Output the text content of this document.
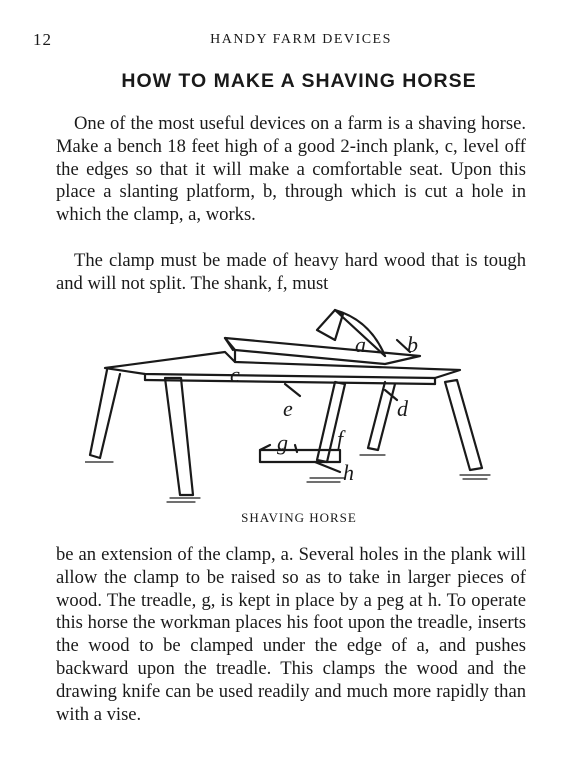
12	HANDY FARM DEVICES
HOW TO MAKE A SHAVING HORSE

One of the most useful devices on a farm is a shaving horse. Make a bench 18 feet high of a good 2-inch plank, c, level off the edges so that it will make a comfortable seat. Upon this place a slanting platform, b, through which is cut a hole in which the clamp, a, works.

The clamp must be made of heavy hard wood that is tough and will not split. The shank, f, must

a b
c
e	d
g f
h
SHAVING HORSE

be an extension of the clamp, a. Several holes in the plank will allow the clamp to be raised so as to take in larger pieces of wood. The treadle, g, is kept in place by a peg at h. To operate this horse the workman places his foot upon the treadle, inserts the wood to be clamped under the edge of a, and pushes backward upon the treadle. This clamps the wood and the drawing knife can be used readily and much more rapidly than with a vise.
